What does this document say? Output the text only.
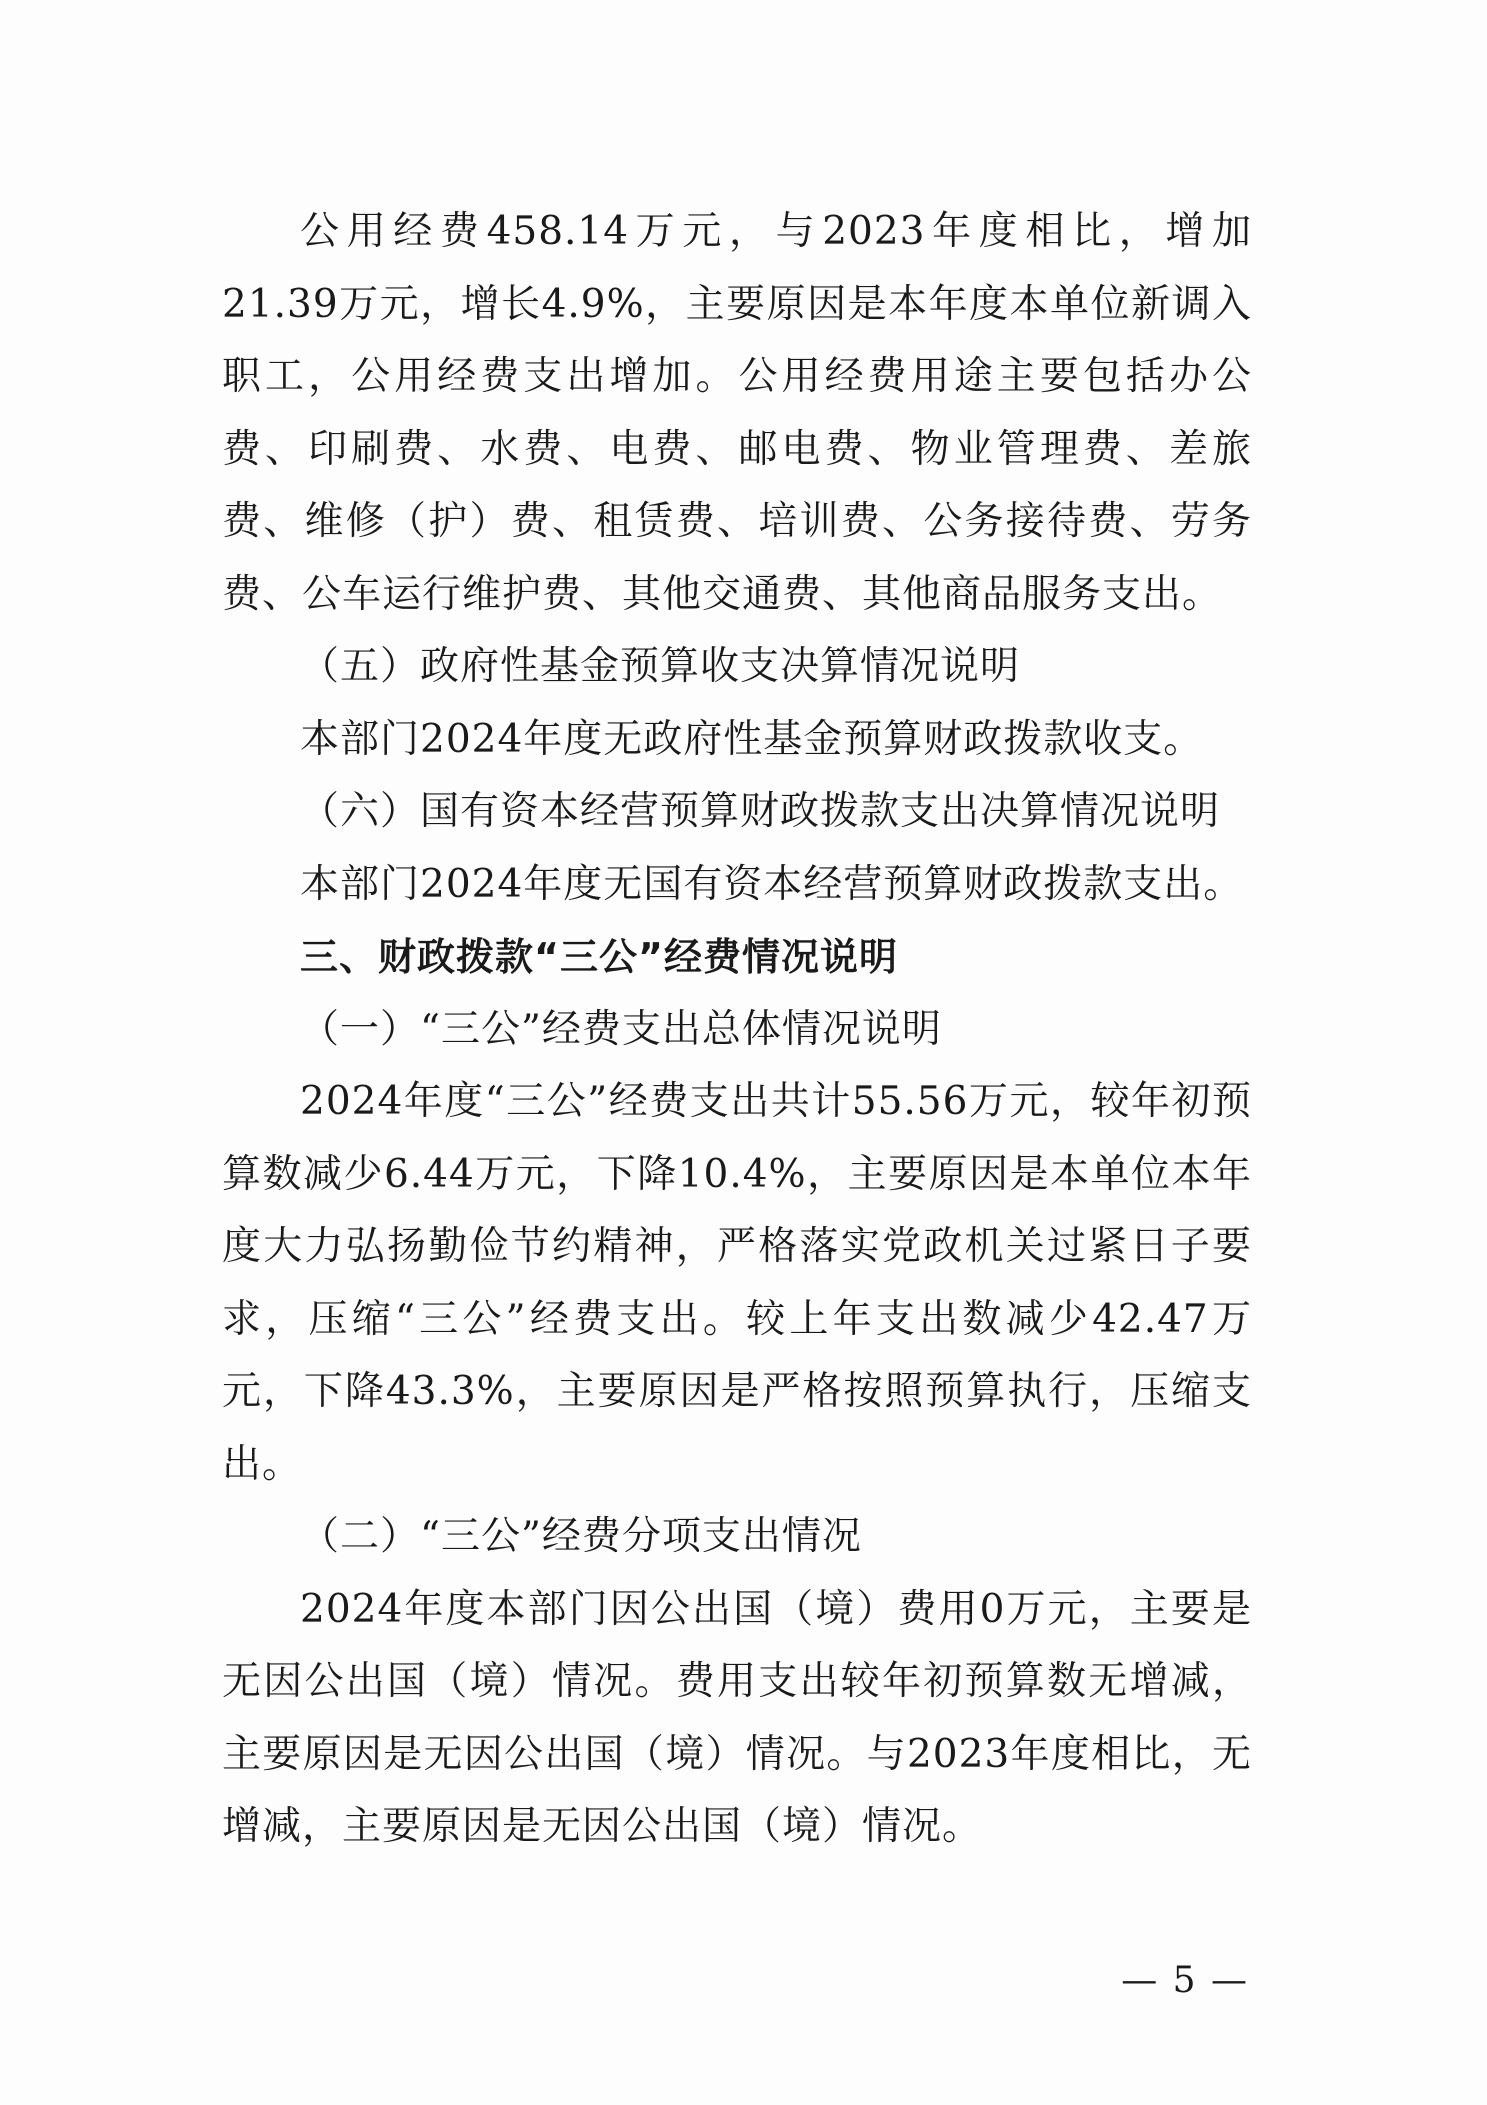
公用经费458.14万元，与2023年度相比，增加21.39万元，增长4.9%，主要原因是本年度本单位新调入职工，公用经费支出增加。公用经费用途主要包括办公费、印刷费、水费、电费、邮电费、物业管理费、差旅费、维修（护）费、租赁费、培训费、公务接待费、劳务费、公车运行维护费、其他交通费、其他商品服务支出。

（五）政府性基金预算收支决算情况说明

本部门2024年度无政府性基金预算财政拨款收支。

（六）国有资本经营预算财政拨款支出决算情况说明

本部门2024年度无国有资本经营预算财政拨款支出。

三、财政拨款“三公”经费情况说明

（一）“三公”经费支出总体情况说明

2024年度“三公”经费支出共计55.56万元，较年初预算数减少6.44万元，下降10.4%，主要原因是本单位本年度大力弘扬勤俭节约精神，严格落实党政机关过紧日子要求，压缩“三公”经费支出。较上年支出数减少42.47万元，下降43.3%，主要原因是严格按照预算执行，压缩支出。

（二）“三公”经费分项支出情况

2024年度本部门因公出国（境）费用0万元，主要是无因公出国（境）情况。费用支出较年初预算数无增减，主要原因是无因公出国（境）情况。与2023年度相比，无增减，主要原因是无因公出国（境）情况。

— 5 —
